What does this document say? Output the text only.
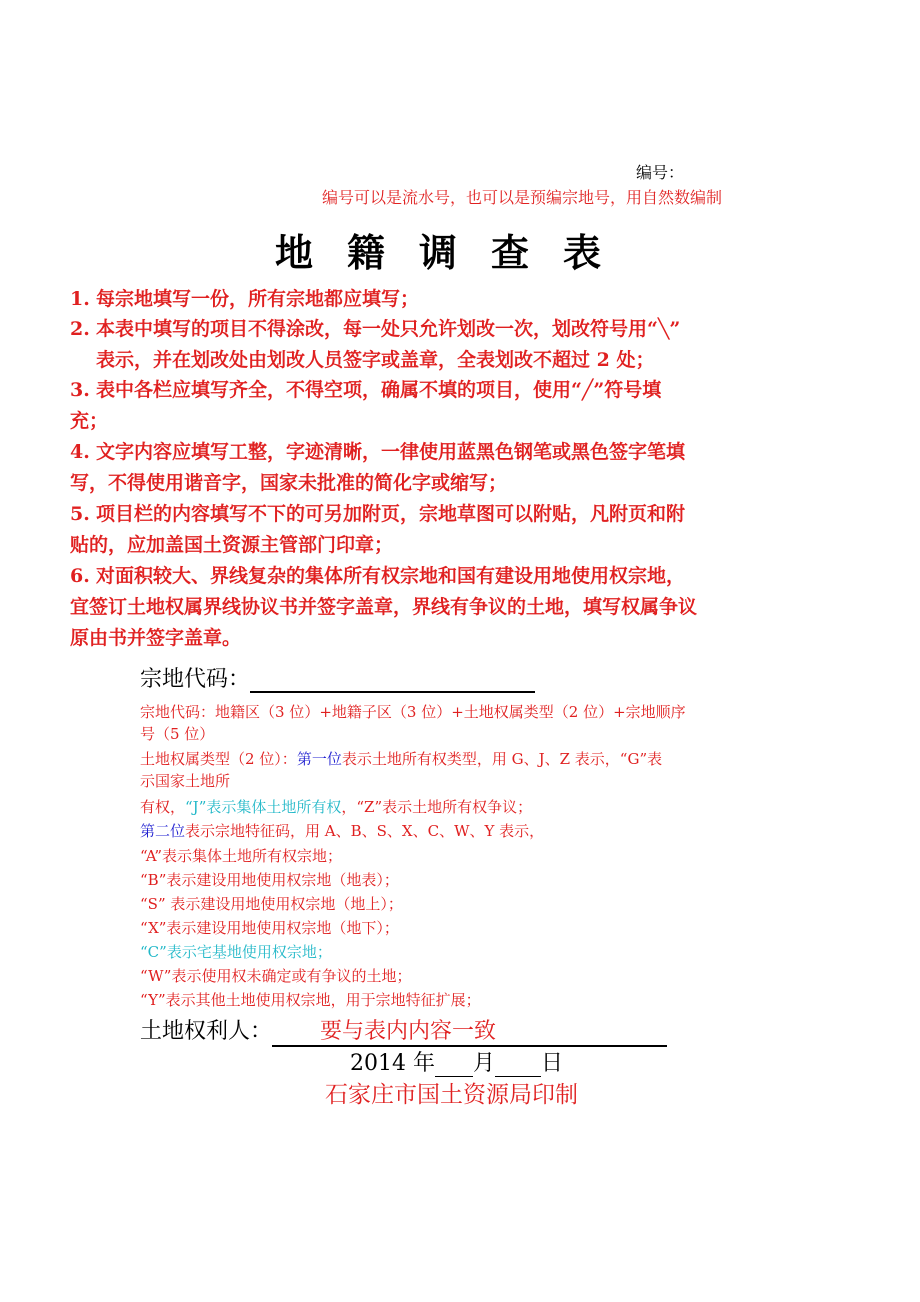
编号：
编号可以是流水号，也可以是预编宗地号，用自然数编制
地籍调查表
1. 每宗地填写一份，所有宗地都应填写；
2. 本表中填写的项目不得涂改，每一处只允许划改一次，划改符号用“╲”
表示，并在划改处由划改人员签字或盖章，全表划改不超过 2 处；
3. 表中各栏应填写齐全，不得空项，确属不填的项目，使用“╱”符号填
充；
4. 文字内容应填写工整，字迹清晰，一律使用蓝黑色钢笔或黑色签字笔填
写，不得使用谐音字，国家未批准的简化字或缩写；
5. 项目栏的内容填写不下的可另加附页，宗地草图可以附贴，凡附页和附
贴的，应加盖国土资源主管部门印章；
6. 对面积较大、界线复杂的集体所有权宗地和国有建设用地使用权宗地，
宜签订土地权属界线协议书并签字盖章，界线有争议的土地，填写权属争议
原由书并签字盖章。
宗地代码：
宗地代码：地籍区（3 位）+地籍子区（3 位）+土地权属类型（2 位）+宗地顺序
号（5 位）
土地权属类型（2 位）：第一位表示土地所有权类型，用 G、J、Z 表示，“G”表
示国家土地所
有权，“J”表示集体土地所有权，“Z”表示土地所有权争议；
第二位表示宗地特征码，用 A、B、S、X、C、W、Y 表示，
“A”表示集体土地所有权宗地；
“B”表示建设用地使用权宗地（地表）；
“S” 表示建设用地使用权宗地（地上）；
“X”表示建设用地使用权宗地（地下）；
“C”表示宅基地使用权宗地；
“W”表示使用权未确定或有争议的土地；
“Y”表示其他土地使用权宗地，用于宗地特征扩展；
土地权利人： 要与表内内容一致
2014 年 月 日
石家庄市国土资源局印制
